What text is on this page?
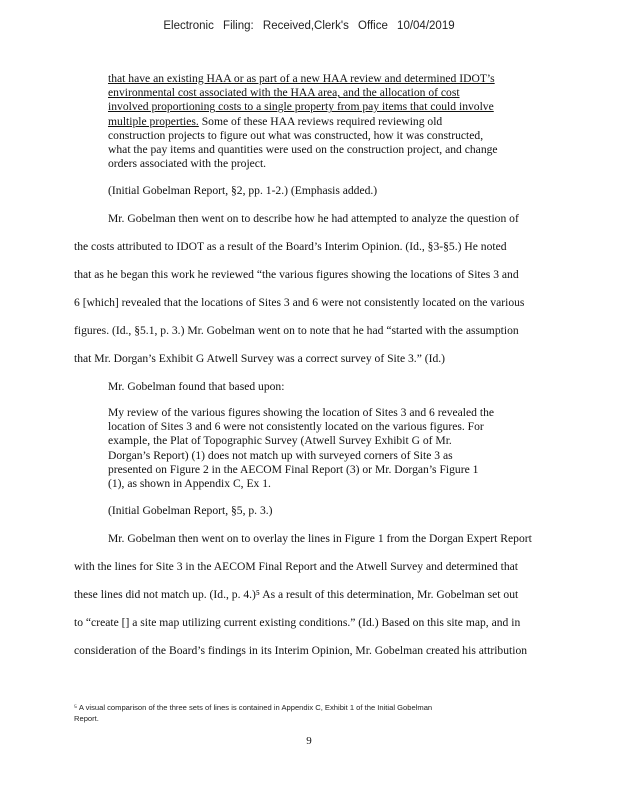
Electronic Filing: Received,Clerk's Office 10/04/2019
that have an existing HAA or as part of a new HAA review and determined IDOT’s
environmental cost associated with the HAA area, and the allocation of cost
involved proportioning costs to a single property from pay items that could involve
multiple properties. Some of these HAA reviews required reviewing old
construction projects to figure out what was constructed, how it was constructed,
what the pay items and quantities were used on the construction project, and change
orders associated with the project.
(Initial Gobelman Report, §2, pp. 1-2.) (Emphasis added.)
Mr. Gobelman then went on to describe how he had attempted to analyze the question of
the costs attributed to IDOT as a result of the Board’s Interim Opinion. (Id., §3-§5.) He noted
that as he began this work he reviewed “the various figures showing the locations of Sites 3 and
6 [which] revealed that the locations of Sites 3 and 6 were not consistently located on the various
figures. (Id., §5.1, p. 3.) Mr. Gobelman went on to note that he had “started with the assumption
that Mr. Dorgan’s Exhibit G Atwell Survey was a correct survey of Site 3.” (Id.)
Mr. Gobelman found that based upon:
My review of the various figures showing the location of Sites 3 and 6 revealed the
location of Sites 3 and 6 were not consistently located on the various figures. For
example, the Plat of Topographic Survey (Atwell Survey Exhibit G of Mr.
Dorgan’s Report) (1) does not match up with surveyed corners of Site 3 as
presented on Figure 2 in the AECOM Final Report (3) or Mr. Dorgan’s Figure 1
(1), as shown in Appendix C, Ex 1.
(Initial Gobelman Report, §5, p. 3.)
Mr. Gobelman then went on to overlay the lines in Figure 1 from the Dorgan Expert Report
with the lines for Site 3 in the AECOM Final Report and the Atwell Survey and determined that
these lines did not match up. (Id., p. 4.)⁵ As a result of this determination, Mr. Gobelman set out
to “create [] a site map utilizing current existing conditions.” (Id.) Based on this site map, and in
consideration of the Board’s findings in its Interim Opinion, Mr. Gobelman created his attribution
⁵ A visual comparison of the three sets of lines is contained in Appendix C, Exhibit 1 of the Initial Gobelman
Report.
9
